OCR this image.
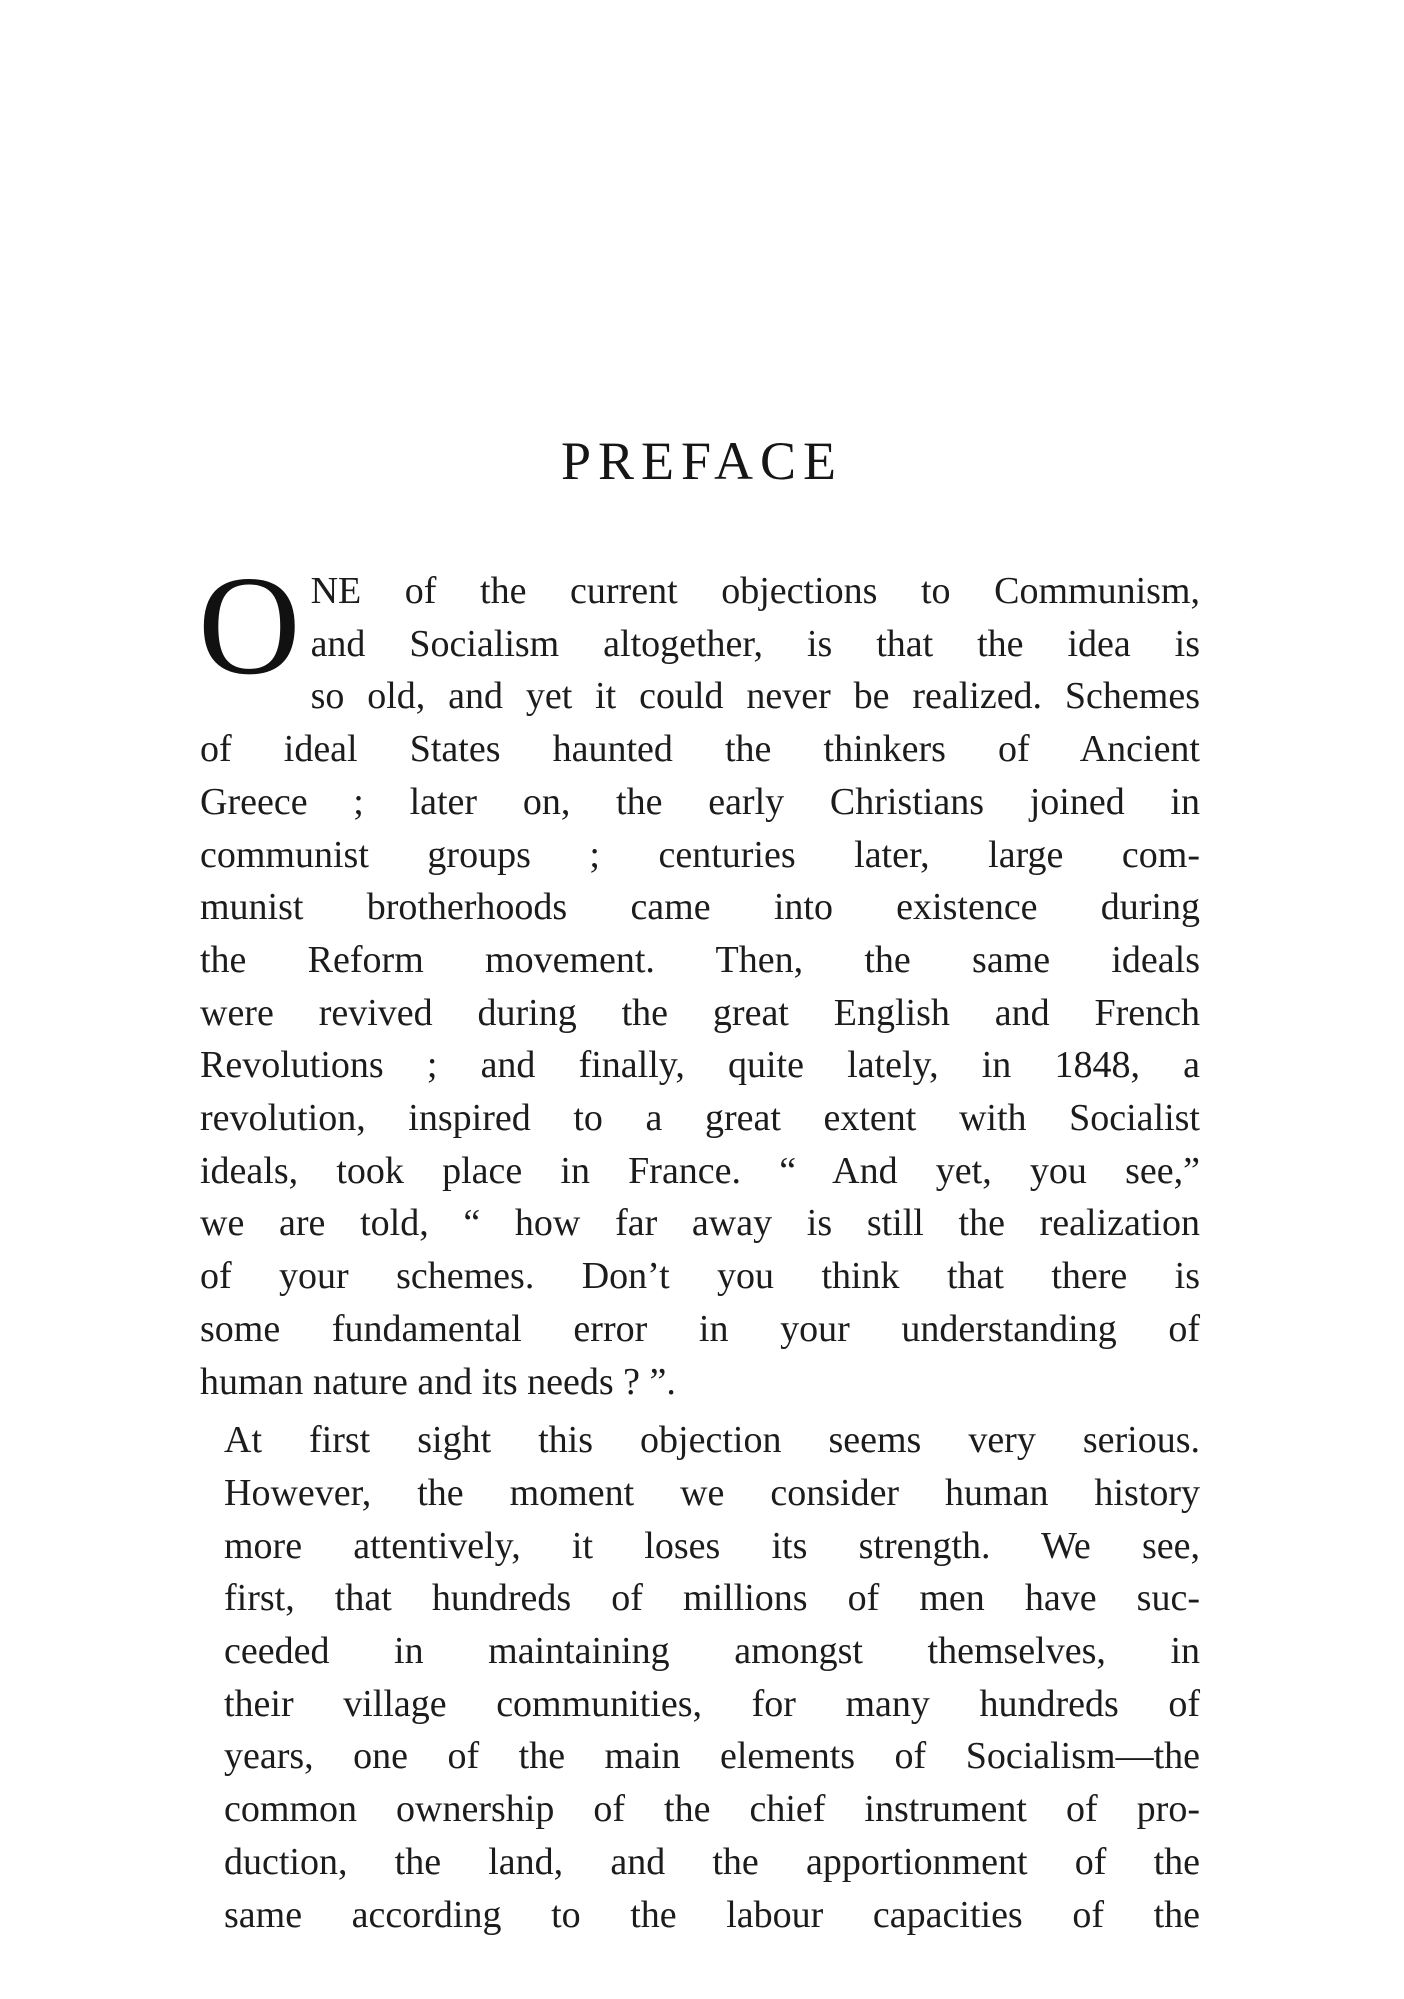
PREFACE

O NE of the current objections to Communism,
and Socialism altogether, is that the idea is
so old, and yet it could never be realized. Schemes
of ideal States haunted the thinkers of Ancient
Greece ; later on, the early Christians joined in
communist groups ; centuries later, large com-
munist brotherhoods came into existence during
the Reform movement. Then, the same ideals
were revived during the great English and French
Revolutions ; and finally, quite lately, in 1848, a
revolution, inspired to a great extent with Socialist
ideals, took place in France. “ And yet, you see,”
we are told, “ how far away is still the realization
of your schemes. Don’t you think that there is
some fundamental error in your understanding of
human nature and its needs ? ”.

At first sight this objection seems very serious.
However, the moment we consider human history
more attentively, it loses its strength. We see,
first, that hundreds of millions of men have suc-
ceeded in maintaining amongst themselves, in
their village communities, for many hundreds of
years, one of the main elements of Socialism—the
common ownership of the chief instrument of pro-
duction, the land, and the apportionment of the
same according to the labour capacities of the
